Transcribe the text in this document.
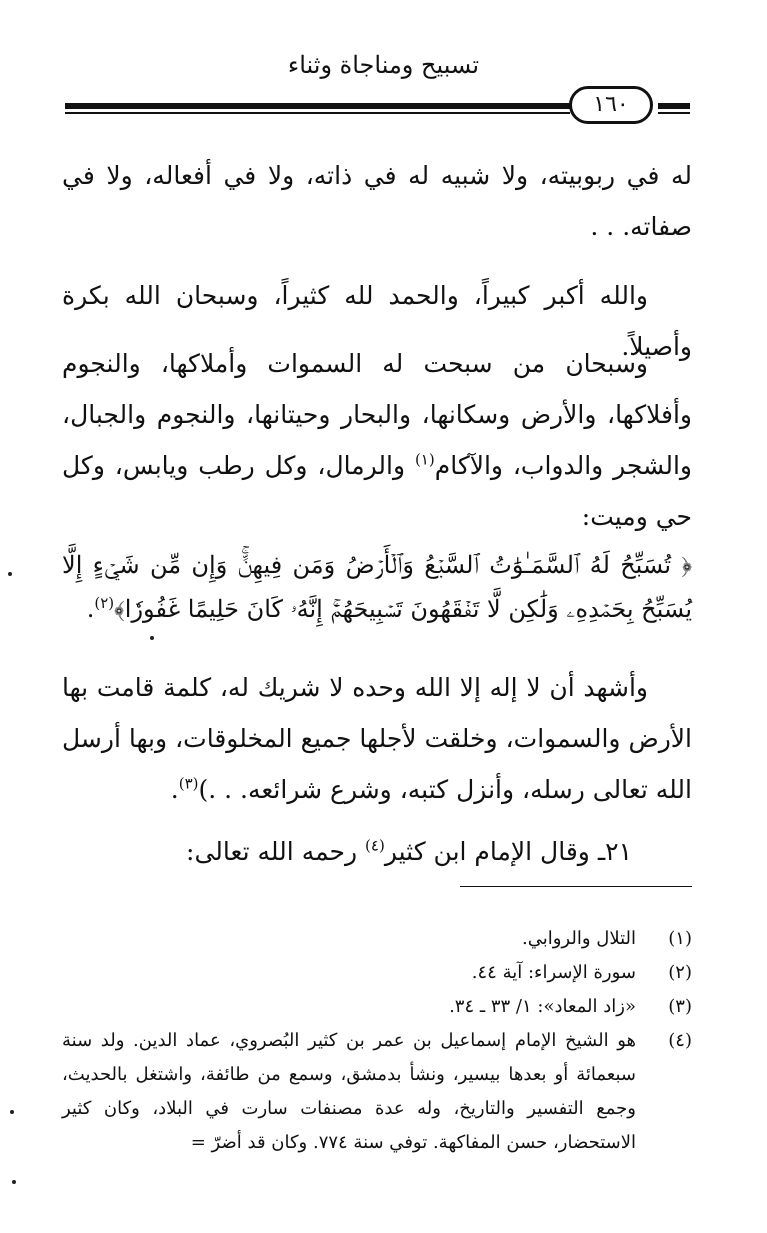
تسبيح ومناجاة وثناء
١٦٠
له في ربوبيته، ولا شبيه له في ذاته، ولا في أفعاله، ولا في صفاته. . .
والله أكبر كبيراً، والحمد لله كثيراً، وسبحان الله بكرة وأصيلاً.
وسبحان من سبحت له السموات وأملاكها، والنجوم وأفلاكها، والأرض وسكانها، والبحار وحيتانها، والنجوم والجبال، والشجر والدواب، والآكام$^{(١)}$ والرمال، وكل رطب ويابس، وكل حي وميت:
﴿ تُسَبِّحُ لَهُ ٱلسَّمَـٰوَٰتُ ٱلسَّبۡعُ وَٱلۡأَرۡضُ وَمَن فِيهِنَّۚ وَإِن مِّن شَيۡءٍ إِلَّا يُسَبِّحُ بِحَمۡدِهِۦ وَلَٰكِن لَّا تَفۡقَهُونَ تَسۡبِيحَهُمۡۚ إِنَّهُۥ كَانَ حَلِيمًا غَفُورٗا﴾$^{(٢)}$.
وأشهد أن لا إله إلا الله وحده لا شريك له، كلمة قامت بها الأرض والسموات، وخلقت لأجلها جميع المخلوقات، وبها أرسل الله تعالى رسله، وأنزل كتبه، وشرع شرائعه. . .)$^{(٣)}$.
٢١ـ وقال الإمام ابن كثير$^{(٤)}$ رحمه الله تعالى:
(١)
التلال والروابي.
(٢)
سورة الإسراء: آية ٤٤.
(٣)
«زاد المعاد»: ١/ ٣٣ ـ ٣٤.
(٤)
هو الشيخ الإمام إسماعيل بن عمر بن كثير البُصروي، عماد الدين. ولد سنة سبعمائة أو بعدها بيسير، ونشأ بدمشق، وسمع من طائفة، واشتغل بالحديث، وجمع التفسير والتاريخ، وله عدة مصنفات سارت في البلاد، وكان كثير الاستحضار، حسن المفاكهة. توفي سنة ٧٧٤. وكان قد أضرّ =
